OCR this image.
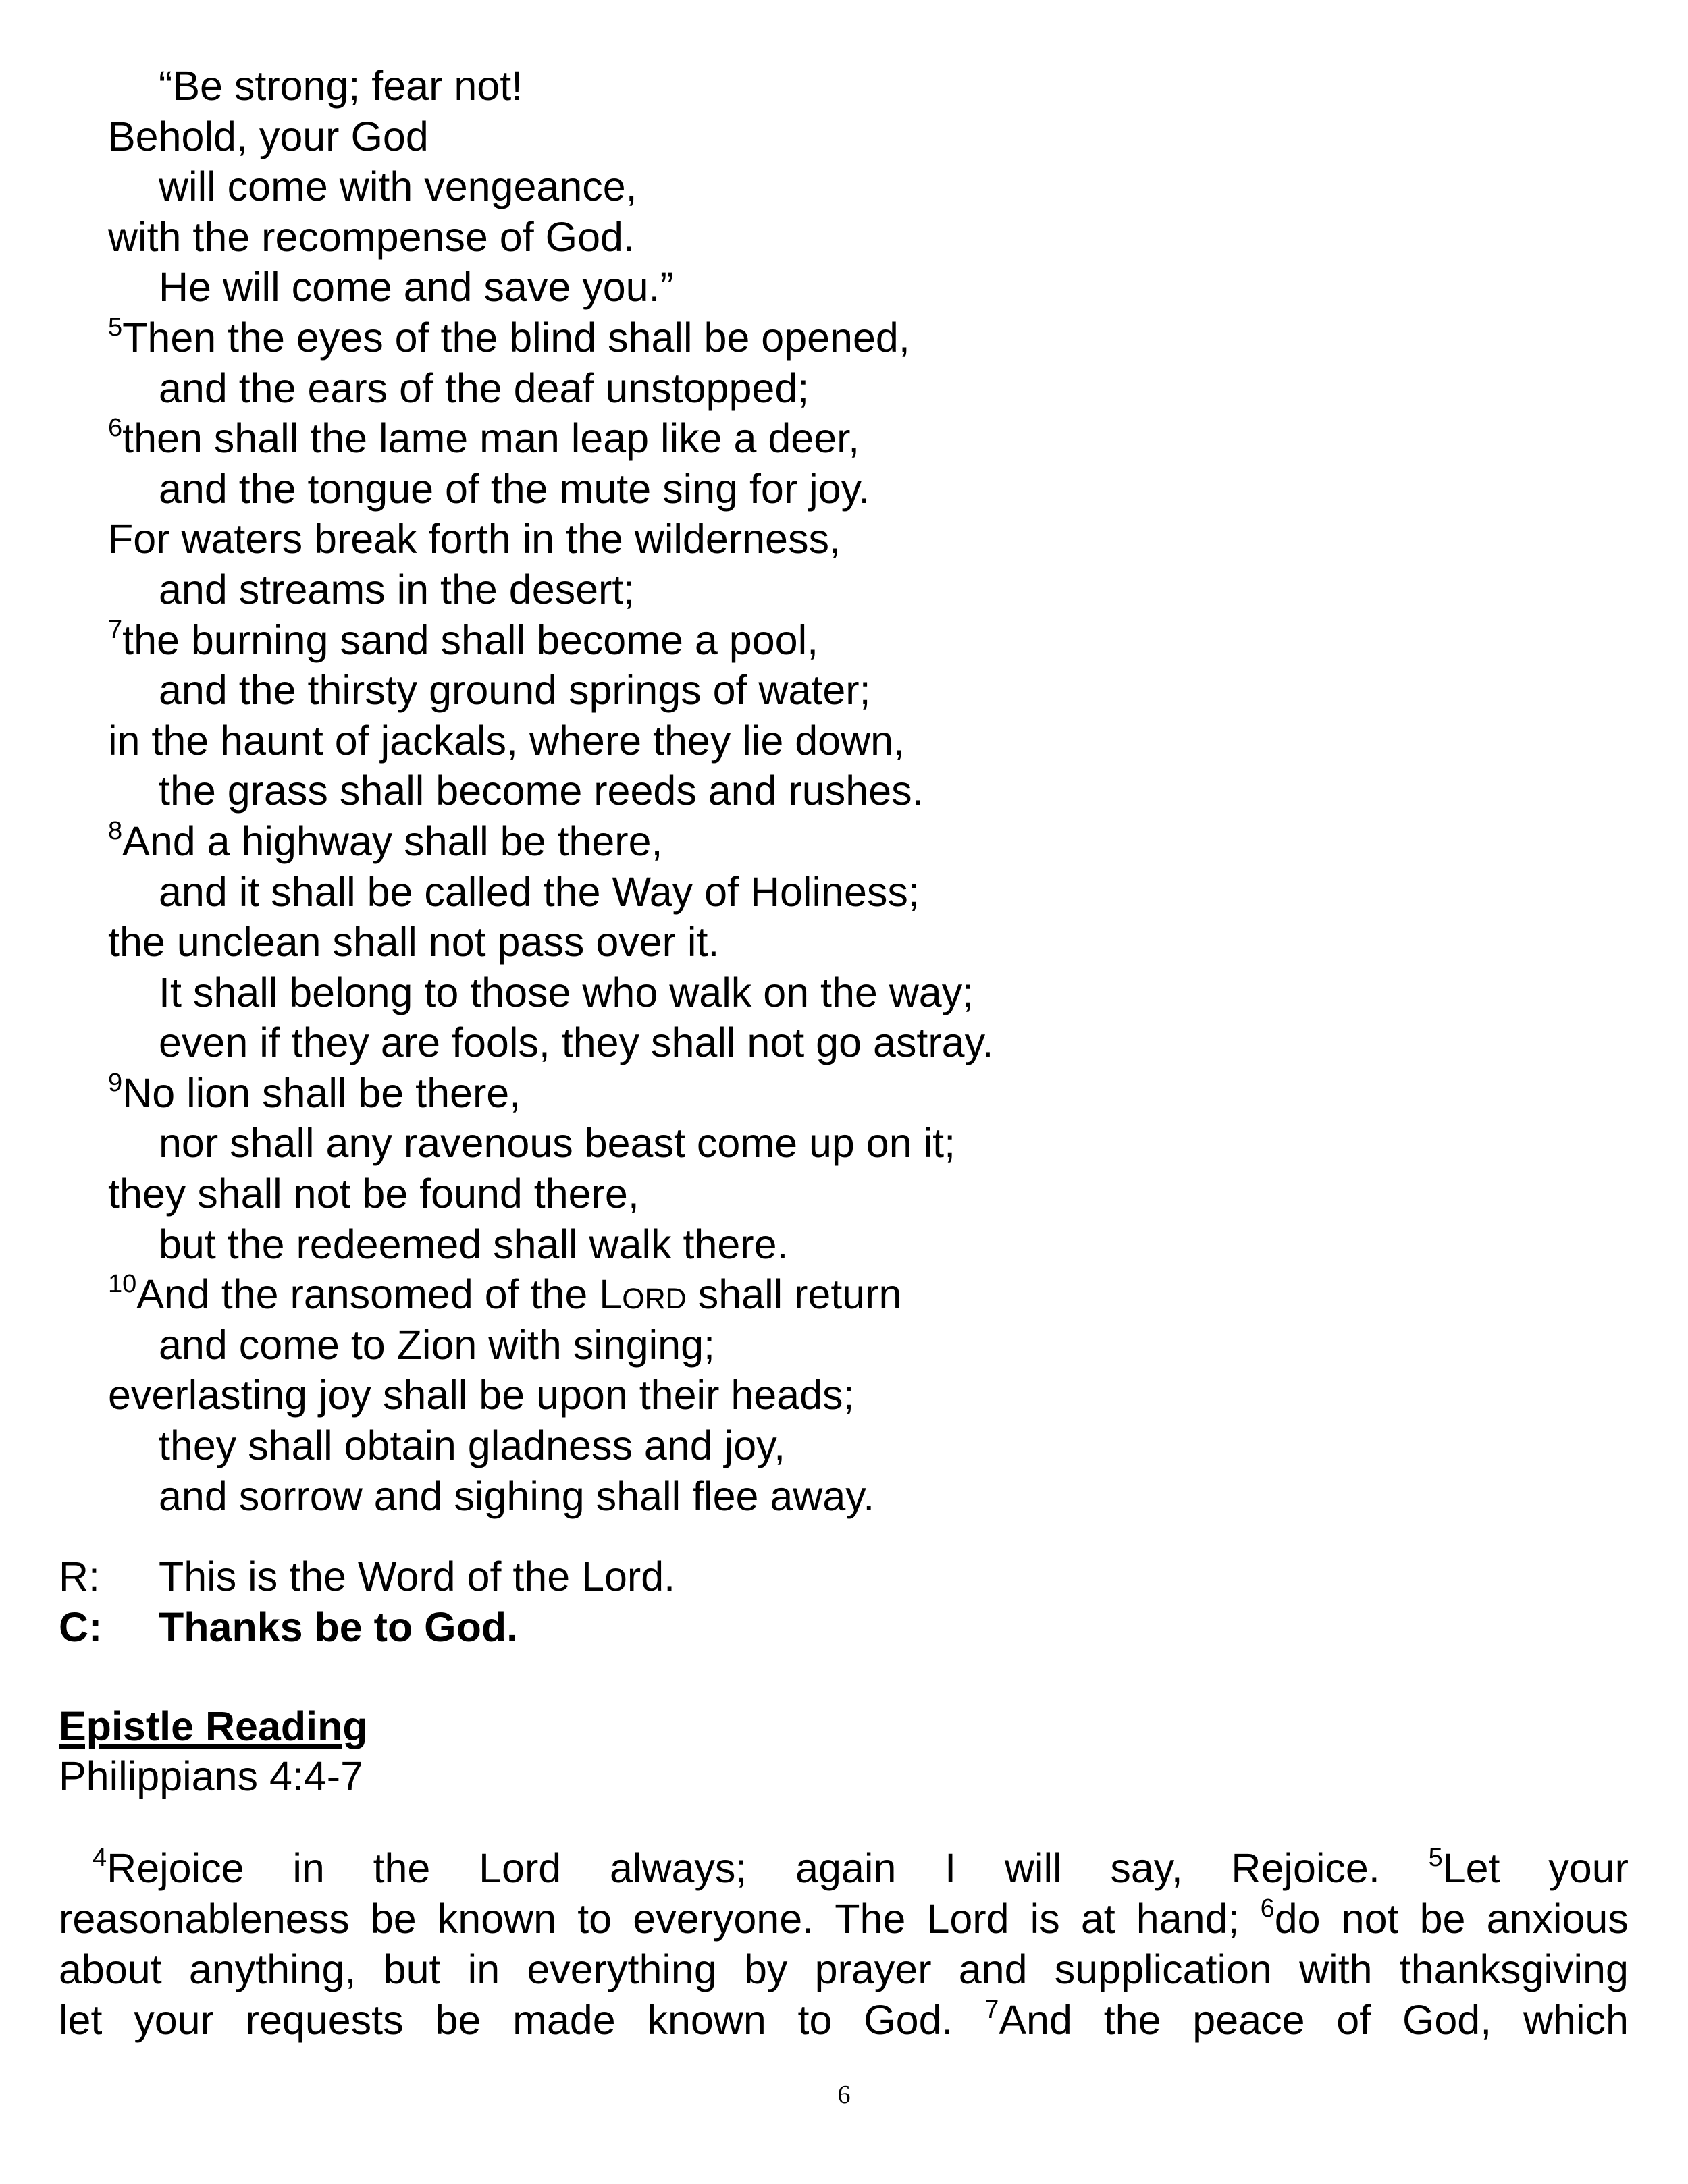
“Be strong; fear not!
Behold, your God
will come with vengeance,
with the recompense of God.
He will come and save you.”
$^5$Then the eyes of the blind shall be opened,
and the ears of the deaf unstopped;
$^6$then shall the lame man leap like a deer,
and the tongue of the mute sing for joy.
For waters break forth in the wilderness,
and streams in the desert;
$^7$the burning sand shall become a pool,
and the thirsty ground springs of water;
in the haunt of jackals, where they lie down,
the grass shall become reeds and rushes.
$^8$And a highway shall be there,
and it shall be called the Way of Holiness;
the unclean shall not pass over it.
It shall belong to those who walk on the way;
even if they are fools, they shall not go astray.
$^9$No lion shall be there,
nor shall any ravenous beast come up on it;
they shall not be found there,
but the redeemed shall walk there.
$^{10}$And the ransomed of the Lord shall return
and come to Zion with singing;
everlasting joy shall be upon their heads;
they shall obtain gladness and joy,
and sorrow and sighing shall flee away.
R:	This is the Word of the Lord.
C:	Thanks be to God.
Epistle Reading
Philippians 4:4-7
$^4$Rejoice in the Lord always; again I will say, Rejoice. $^5$Let your
reasonableness be known to everyone. The Lord is at hand; $^6$do not be anxious
about anything, but in everything by prayer and supplication with thanksgiving
let your requests be made known to God. $^7$And the peace of God, which
6
